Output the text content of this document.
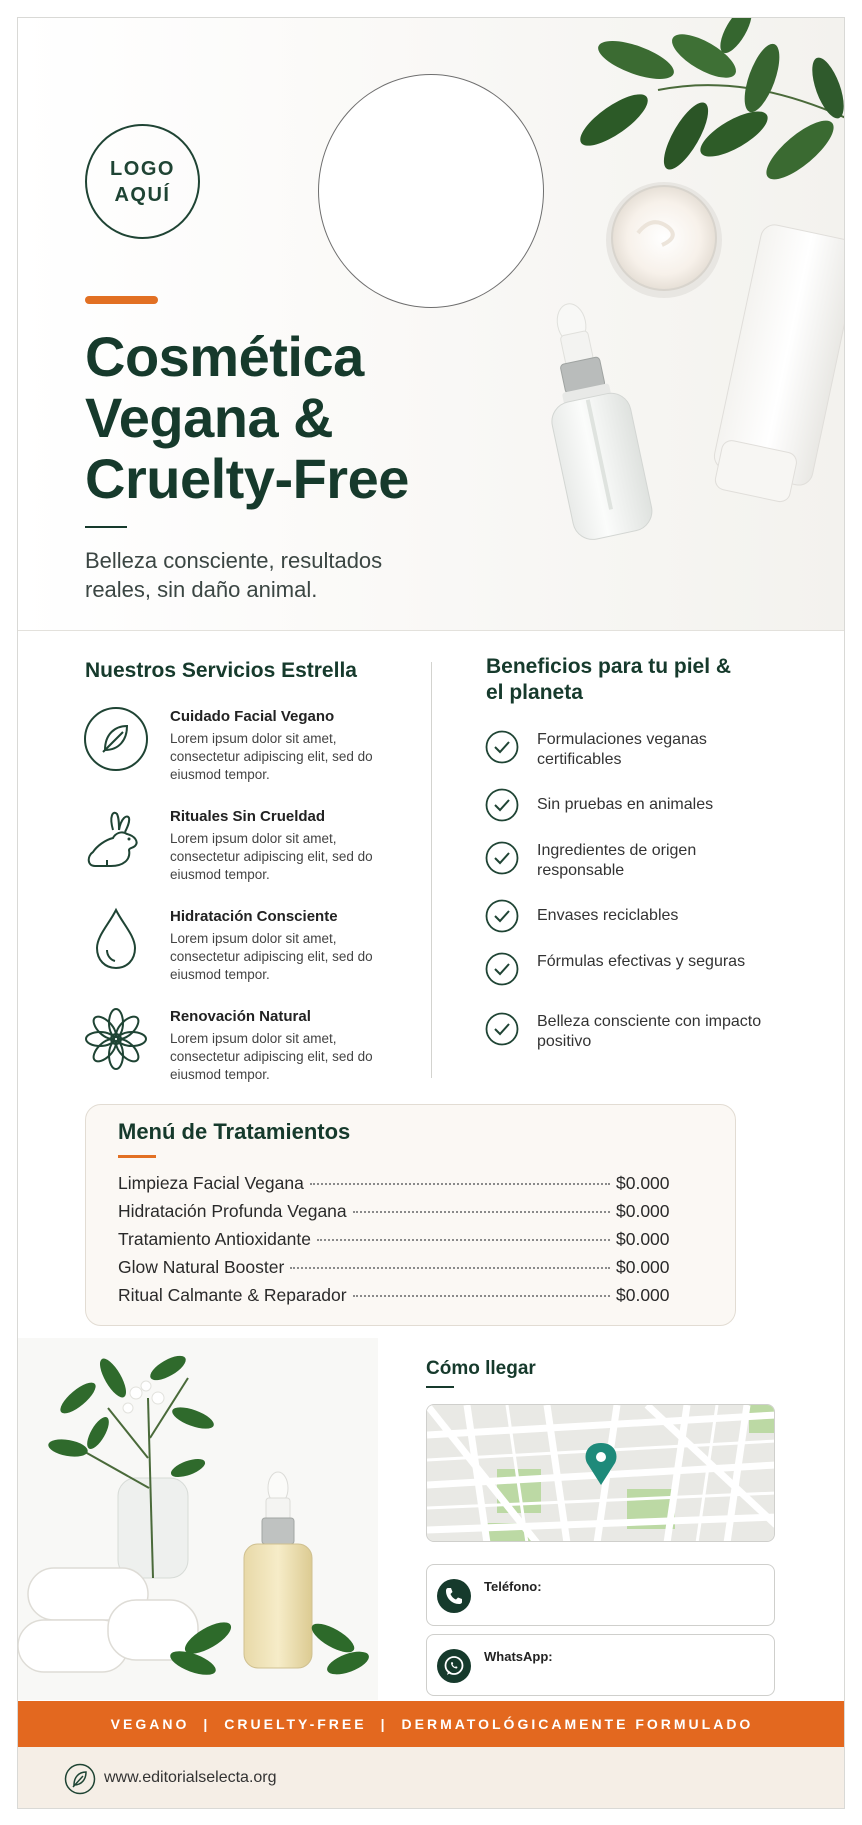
LOGO
AQUÍ
Cosmética Vegana & Cruelty-Free

Belleza consciente, resultados reales, sin daño animal.

Nuestros Servicios Estrella
Cuidado Facial Vegano
Lorem ipsum dolor sit amet, consectetur adipiscing elit, sed do eiusmod tempor.
Rituales Sin Crueldad
Lorem ipsum dolor sit amet, consectetur adipiscing elit, sed do eiusmod tempor.
Hidratación Consciente
Lorem ipsum dolor sit amet, consectetur adipiscing elit, sed do eiusmod tempor.
Renovación Natural
Lorem ipsum dolor sit amet, consectetur adipiscing elit, sed do eiusmod tempor.
Beneficios para tu piel & el planeta
Formulaciones veganas certificables
Sin pruebas en animales
Ingredientes de origen responsable
Envases reciclables
Fórmulas efectivas y seguras
Belleza consciente con impacto positivo
Menú de Tratamientos
Limpieza Facial Vegana	$0.000
Hidratación Profunda Vegana	$0.000
Tratamiento Antioxidante	$0.000
Glow Natural Booster	$0.000
Ritual Calmante & Reparador	$0.000
Cómo llegar
Teléfono:
WhatsApp:
VEGANO | CRUELTY-FREE | DERMATOLÓGICAMENTE FORMULADO
www.editorialselecta.org
